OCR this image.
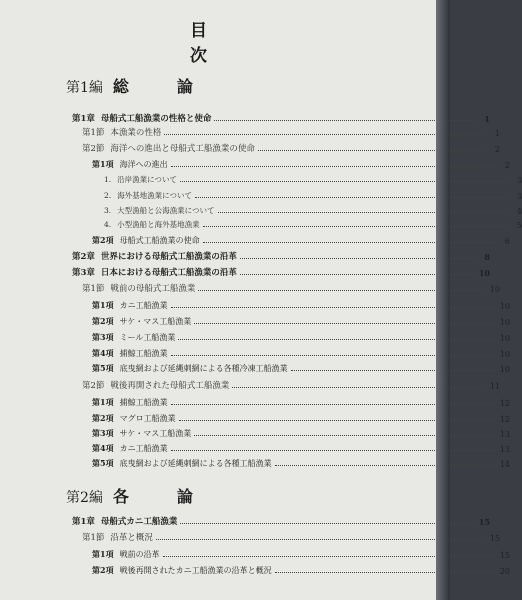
目　次
第1編 総　論
第2編 各　論
第1章 母船式工船漁業の性格と使命	1
第1節 本漁業の性格	1
第2節 海洋への進出と母船式工船漁業の使命	2
第1項 海洋への進出	2
1. 沿岸漁業について	3
2. 海外基地漁業について	3
3. 大型漁船と公海漁業について	4
4. 小型漁船と海外基地漁業	5
第2項 母船式工船漁業の使命	6
第2章 世界における母船式工船漁業の沿革	8
第3章 日本における母船式工船漁業の沿革	10
第1節 戦前の母船式工船漁業	10
第1項 カニ工船漁業	10
第2項 サケ・マス工船漁業	10
第3項 ミール工船漁業	10
第4項 捕鯨工船漁業	10
第5項 底曳網および延縄刺網による各種冷凍工船漁業	10
第2節 戦後再開された母船式工船漁業	11
第1項 捕鯨工船漁業	12
第2項 マグロ工船漁業	12
第3項 サケ・マス工船漁業	13
第4項 カニ工船漁業	13
第5項 底曳網および延縄刺網による各種工船漁業	14
第1章 母船式カニ工船漁業	15
第1節 沿革と概況	15
第1項 戦前の沿革	15
第2項 戦後再開されたカニ工船漁業の沿革と概況	20
